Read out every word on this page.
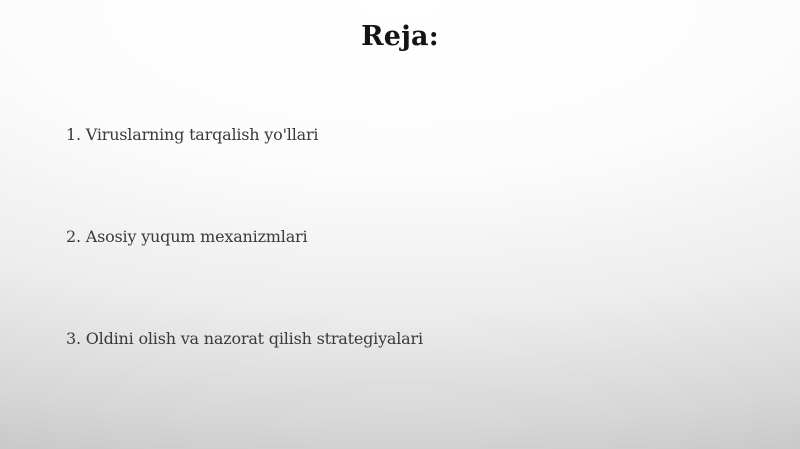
Reja:

1. Viruslarning tarqalish yo'llari

2. Asosiy yuqum mexanizmlari

3. Oldini olish va nazorat qilish strategiyalari
